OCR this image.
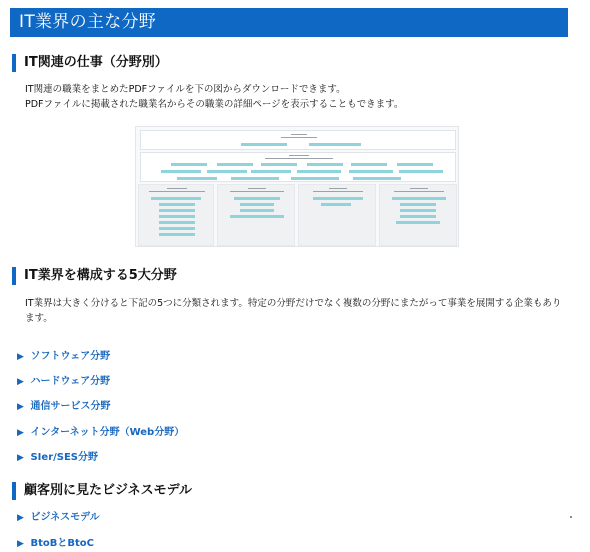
IT業界の主な分野
IT関連の仕事（分野別）
IT関連の職業をまとめたPDFファイルを下の図からダウンロードできます。
PDFファイルに掲載された職業名からその職業の詳細ページを表示することもできます。
IT業界を構成する5大分野
IT業界は大きく分けると下記の5つに分類されます。特定の分野だけでなく複数の分野にまたがって事業を展開する企業もあります。
▶ ソフトウェア分野
▶ ハードウェア分野
▶ 通信サービス分野
▶ インターネット分野（Web分野）
▶ SIer/SES分野
顧客別に見たビジネスモデル
▶ ビジネスモデル
▶ BtoBとBtoC
